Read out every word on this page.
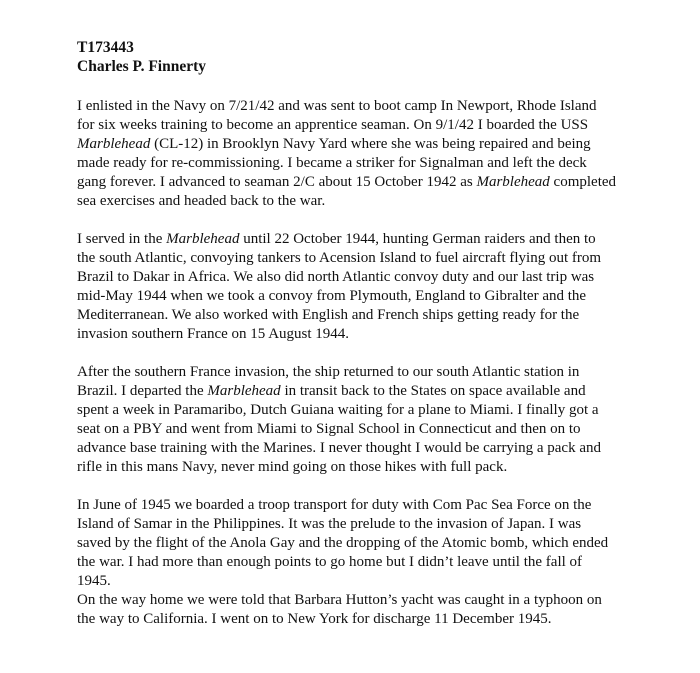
T173443
Charles P. Finnerty
I enlisted in the Navy on 7/21/42 and was sent to boot camp In Newport, Rhode Island
for six weeks training to become an apprentice seaman. On 9/1/42 I boarded the USS
Marblehead (CL-12) in Brooklyn Navy Yard where she was being repaired and being
made ready for re-commissioning. I became a striker for Signalman and left the deck
gang forever. I advanced to seaman 2/C about 15 October 1942 as Marblehead completed
sea exercises and headed back to the war.
I served in the Marblehead until 22 October 1944, hunting German raiders and then to
the south Atlantic, convoying tankers to Acension Island to fuel aircraft flying out from
Brazil to Dakar in Africa. We also did north Atlantic convoy duty and our last trip was
mid-May 1944 when we took a convoy from Plymouth, England to Gibralter and the
Mediterranean. We also worked with English and French ships getting ready for the
invasion southern France on 15 August 1944.
After the southern France invasion, the ship returned to our south Atlantic station in
Brazil. I departed the Marblehead in transit back to the States on space available and
spent a week in Paramaribo, Dutch Guiana waiting for a plane to Miami. I finally got a
seat on a PBY and went from Miami to Signal School in Connecticut and then on to
advance base training with the Marines. I never thought I would be carrying a pack and
rifle in this mans Navy, never mind going on those hikes with full pack.
In June of 1945 we boarded a troop transport for duty with Com Pac Sea Force on the
Island of Samar in the Philippines. It was the prelude to the invasion of Japan. I was
saved by the flight of the Anola Gay and the dropping of the Atomic bomb, which ended
the war. I had more than enough points to go home but I didn’t leave until the fall of
1945.
On the way home we were told that Barbara Hutton’s yacht was caught in a typhoon on
the way to California. I went on to New York for discharge 11 December 1945.
